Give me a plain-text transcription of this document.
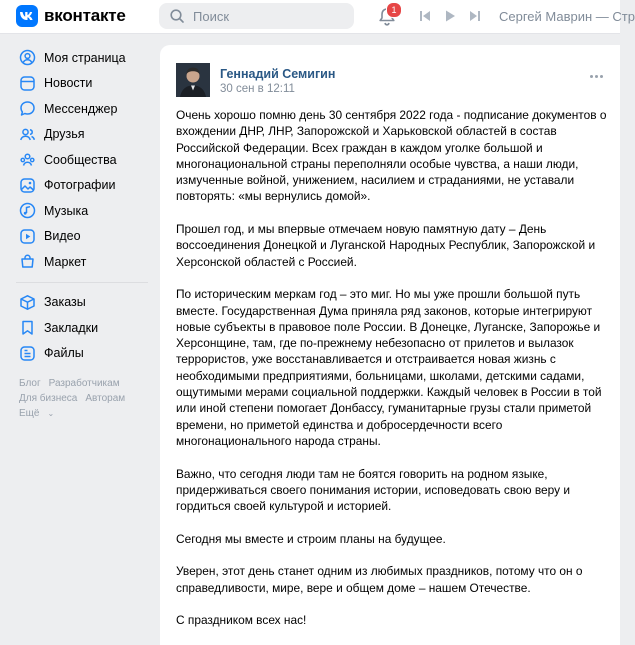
вконтакте
Поиск	1	Сергей Маврин — Стр
Моя страница
Новости
Мессенджер
Друзья
Сообщества
Фотографии
Музыка
Видео
Маркет
Заказы
Закладки
Файлы
Блог Разработчикам
Для бизнеса Авторам
Ещё ⌄
Геннадий Семигин
30 сен в 12:11

Очень хорошо помню день 30 сентября 2022 года - подписание документов о вхождении ДНР, ЛНР, Запорожской и Харьковской областей в состав Российской Федерации. Всех граждан в каждом уголке большой и многонациональной страны переполняли особые чувства, а наши люди, измученные войной, унижением, насилием и страданиями, не уставали повторять: «мы вернулись домой».

Прошел год, и мы впервые отмечаем новую памятную дату – День воссоединения Донецкой и Луганской Народных Республик, Запорожской и Херсонской областей с Россией.

По историческим меркам год – это миг. Но мы уже прошли большой путь вместе. Государственная Дума приняла ряд законов, которые интегрируют новые субъекты в правовое поле России. В Донецке, Луганске, Запорожье и Херсонщине, там, где по-прежнему небезопасно от прилетов и вылазок террористов, уже восстанавливается и отстраивается новая жизнь с необходимыми предприятиями, больницами, школами, детскими садами, ощутимыми мерами социальной поддержки. Каждый человек в России в той или иной степени помогает Донбассу, гуманитарные грузы стали приметой времени, но приметой единства и добросердечности всего многонационального народа страны.

Важно, что сегодня люди там не боятся говорить на родном языке, придерживаться своего понимания истории, исповедовать свою веру и гордиться своей культурой и историей.

Сегодня мы вместе и строим планы на будущее.

Уверен, этот день станет одним из любимых праздников, потому что он о справедливости, мире, вере и общем доме – нашем Отечестве.

С праздником всех нас!
